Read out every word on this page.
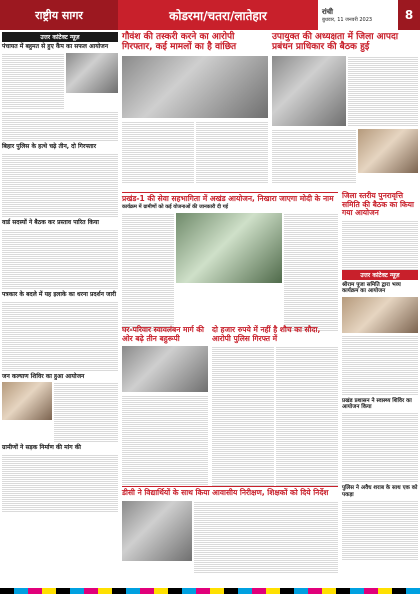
राष्ट्रीय सागर	कोडरमा/चतरा/लातेहार	रांची
बुधवार, 11 जनवरी 2023	8
उत्तर कांटेक्ट न्यूज़
पंचायत में बहुमत से हुए कैंप का सफल आयोजन
बिहार पुलिस के हत्थे चढ़े तीन, दो गिरफ्तार
वार्ड सदस्यों ने बैठक कर प्रस्ताव पारित किया
पत्रकार के बदले में यह इलाके का धरना प्रदर्शन जारी
जन कल्याण शिविर का हुआ आयोजन
ग्रामीणों ने सड़क निर्माण की मांग की
गौवंश की तस्करी करने का आरोपी गिरफ्तार, कई मामलों का है वांछित
उपायुक्त की अध्यक्षता में जिला आपदा प्रबंधन प्राधिकार की बैठक हुई
प्रखंड-1 की सेवा सहभागिता में अखंड आयोजन, निखारा जाएगा मोदी के नाम
कार्यक्रम में ग्रामीणों को कई योजनाओं की जानकारी दी गई
जिला स्तरीय पुनरावृत्ति समिति की बैठक का किया गया आयोजन
घर-परिवार स्वावलंबन मार्ग की ओर बढ़े तीन बहुरूपी
दो हजार रुपये में नहीं है शौच का सौदा, आरोपी पुलिस गिरफ्त में
उत्तर कांटेक्ट न्यूज़
श्रीराम पूजा समिति द्वारा भव्य कार्यक्रम का आयोजन
प्रखंड प्रशासन ने स्वास्थ्य शिविर का आयोजन किया
पुलिस ने अवैध शराब के साथ एक को पकड़ा
डीसी ने विद्यार्थियों के साथ किया आवासीय निरीक्षण, शिक्षकों को दिये निर्देश
